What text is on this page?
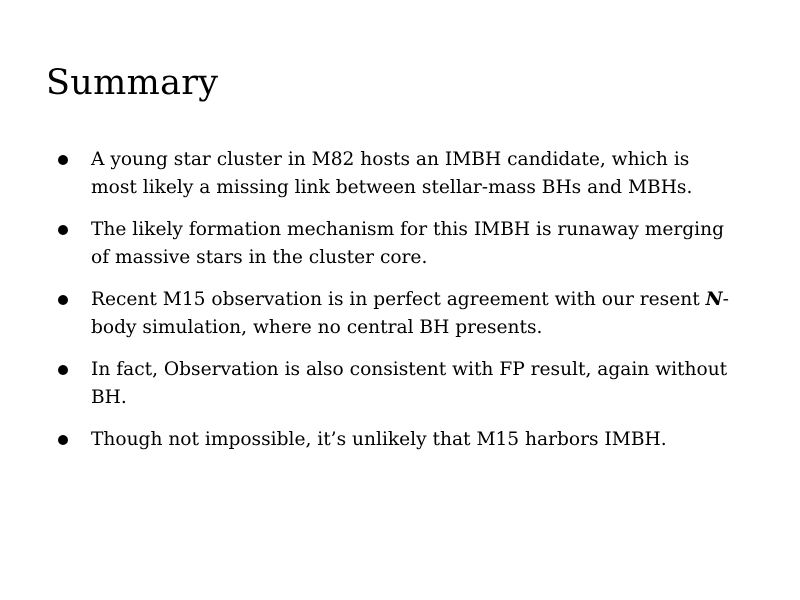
Summary
A young star cluster in M82 hosts an IMBH candidate, which is most likely a missing link between stellar-mass BHs and MBHs.
The likely formation mechanism for this IMBH is runaway merging of massive stars in the cluster core.
Recent M15 observation is in perfect agreement with our resent N-body simulation, where no central BH presents.
In fact, Observation is also consistent with FP result, again without BH.
Though not impossible, it’s unlikely that M15 harbors IMBH.
